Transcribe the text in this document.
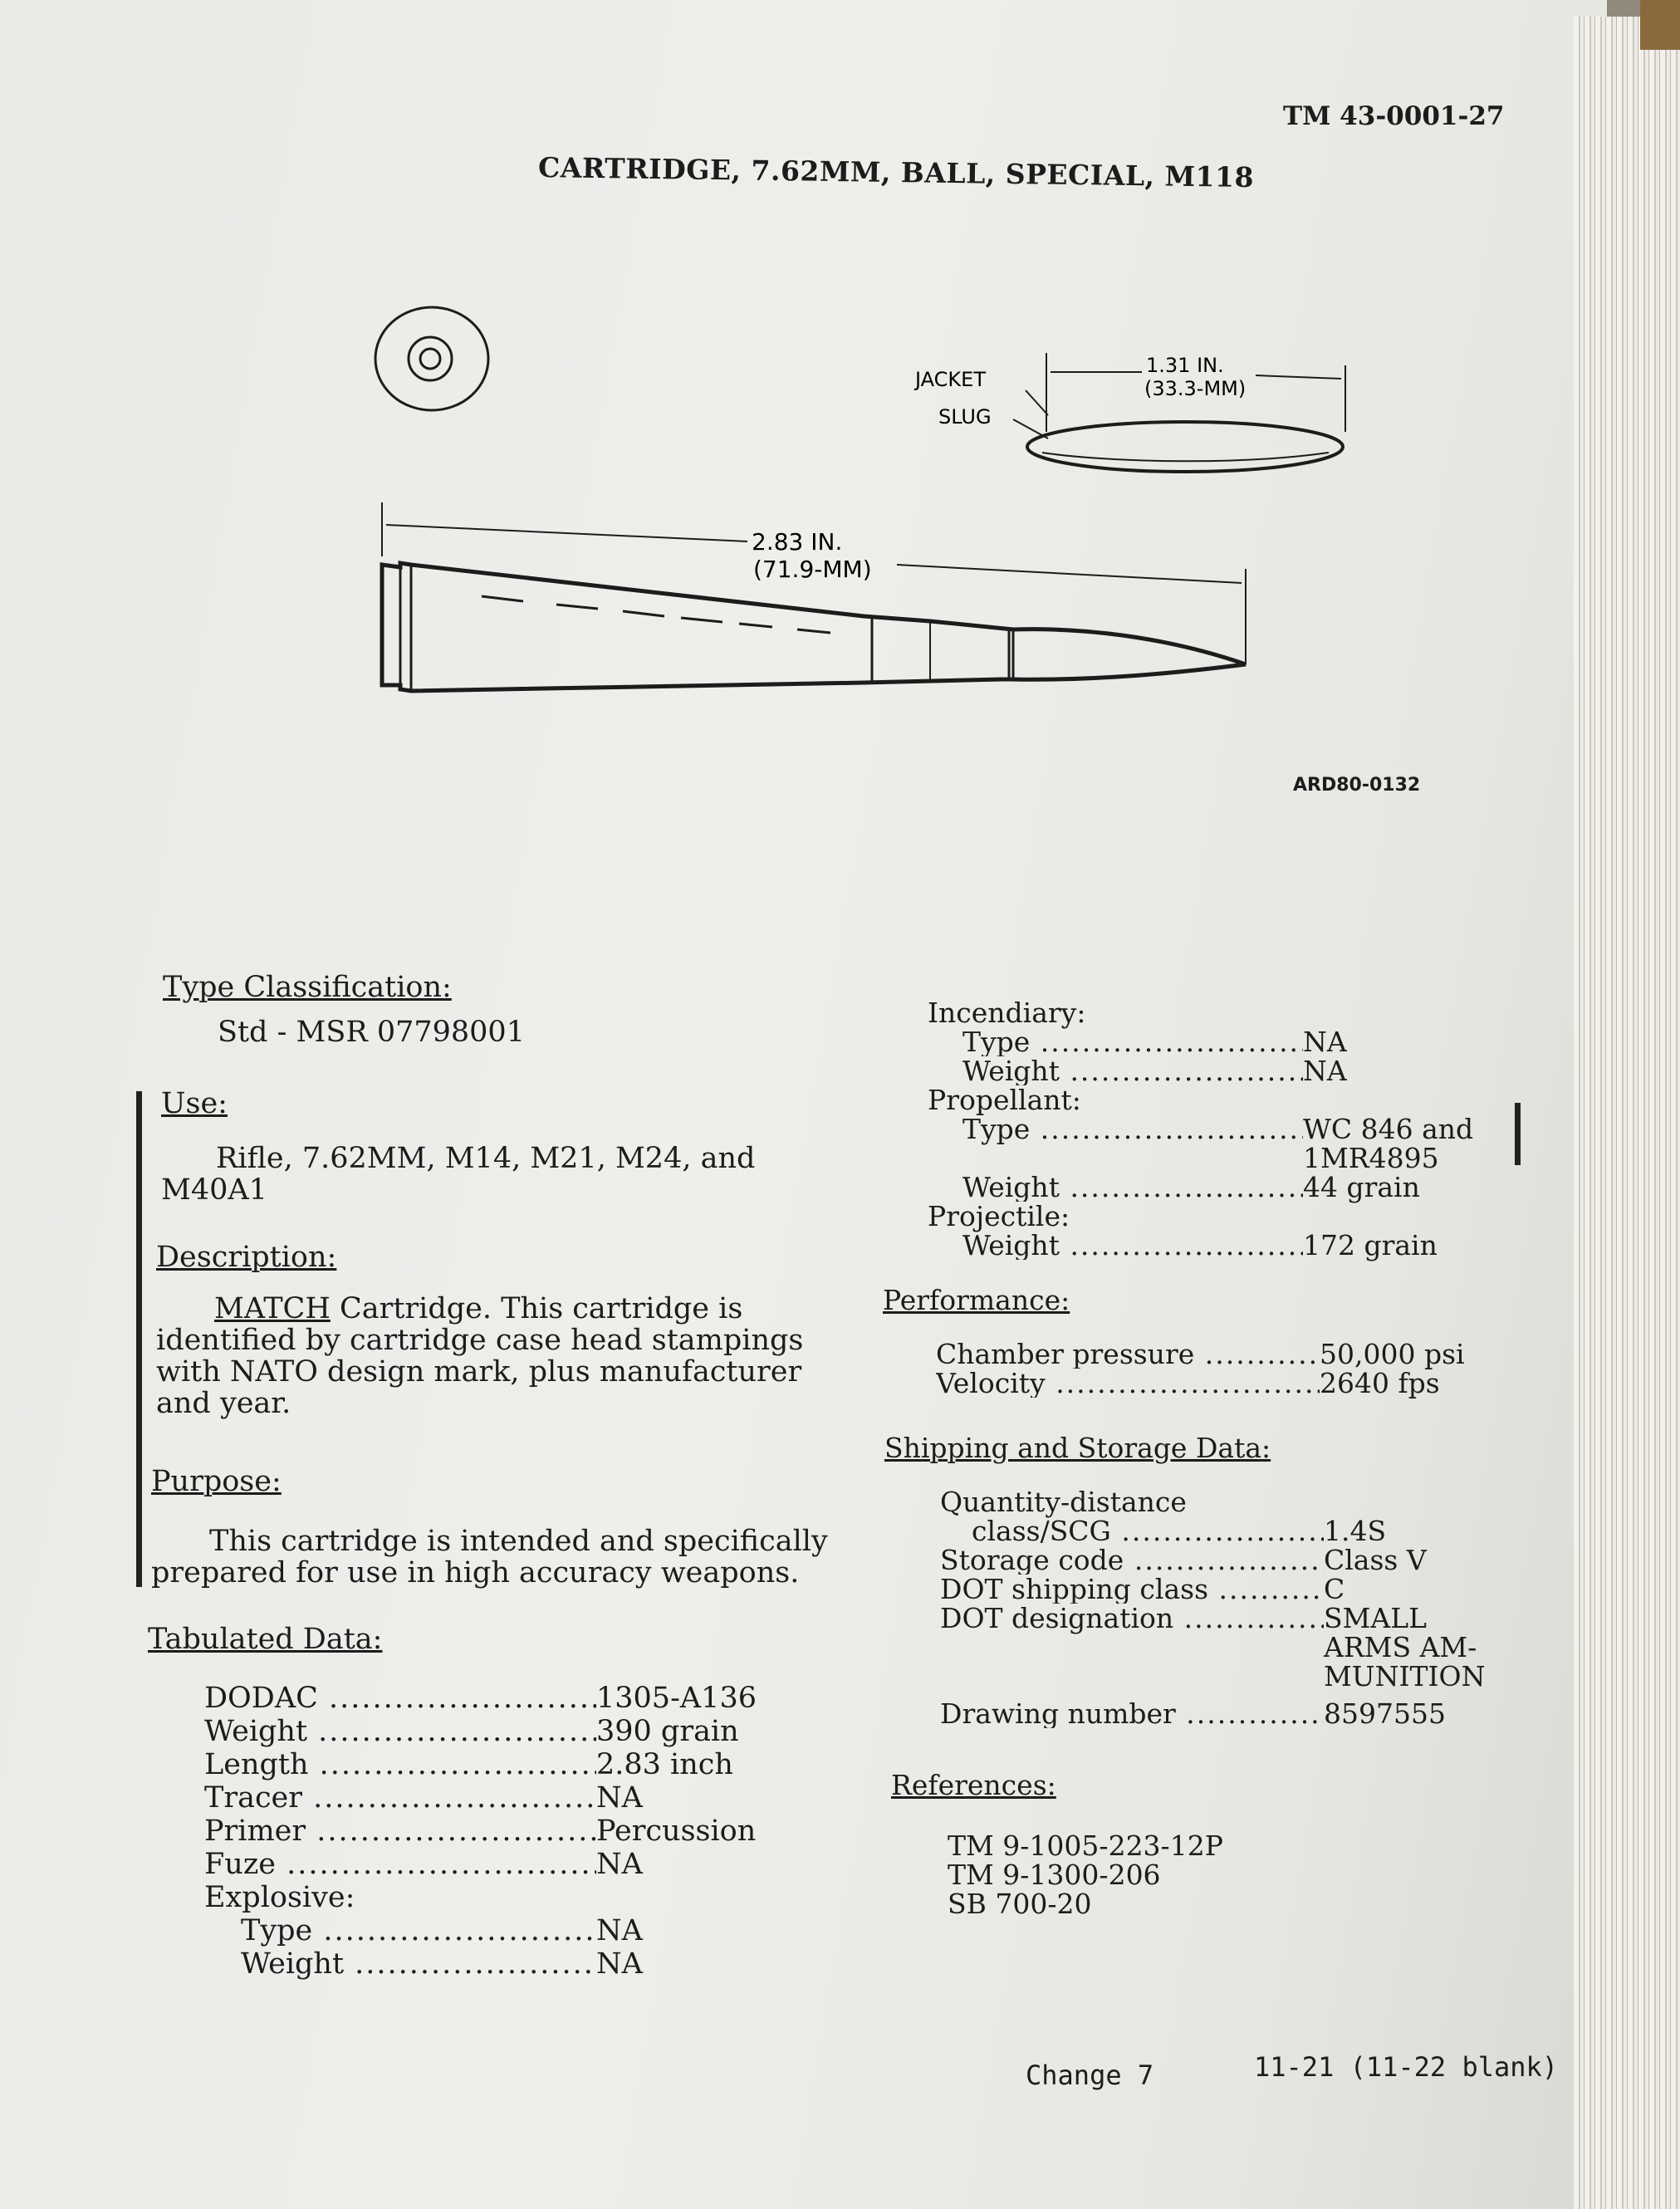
TM 43-0001-27
CARTRIDGE, 7.62MM, BALL, SPECIAL, M118
JACKET
SLUG
1.31 IN.
(33.3-MM)
2.83 IN.
(71.9-MM)
ARD80-0132
Type Classification:
Std - MSR 07798001
Use:
Rifle, 7.62MM, M14, M21, M24, and
M40A1
Description:
MATCH Cartridge. This cartridge is identified by cartridge case head stampings with NATO design mark, plus manufacturer and year.
Purpose:
This cartridge is intended and specifically prepared for use in high accuracy weapons.
Tabulated Data:
DODAC .....	1305-A136
Weight .....	390 grain
Length .....	2.83 inch
Tracer .....	NA
Primer .....	Percussion
Fuze .....	NA
Explosive:
Type .....	NA
Weight .....	NA
Incendiary:
Type .....	NA
Weight .....	NA
Propellant:
Type .....	WC 846 and
1MR4895
Weight .....	44 grain
Projectile:
Weight .....	172 grain
Performance:
Chamber pressure .....	50,000 psi
Velocity .....	2640 fps
Shipping and Storage Data:
Quantity-distance
class/SCG .....	1.4S
Storage code .....	Class V
DOT shipping class .....	C
DOT designation .....	SMALL
ARMS AM-
MUNITION
Drawing number .....	8597555
References:
TM 9-1005-223-12P
TM 9-1300-206
SB 700-20
Change 7	11-21 (11-22 blank)
